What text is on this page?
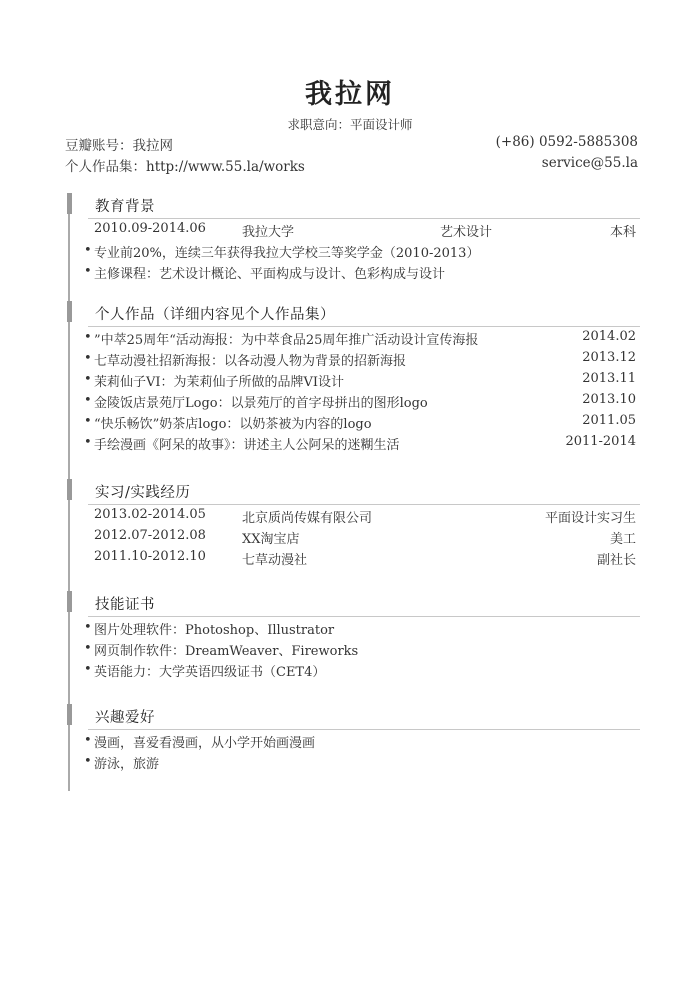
我拉网
求职意向：平面设计师
豆瓣账号：我拉网
个人作品集：http://www.55.la/works
(+86) 0592-5885308
service@55.la
教育背景
2010.09-2014.06	我拉大学	艺术设计	本科
• 专业前20%，连续三年获得我拉大学校三等奖学金（2010-2013）
• 主修课程：艺术设计概论、平面构成与设计、色彩构成与设计
个人作品（详细内容见个人作品集）
• ”中萃25周年“活动海报：为中萃食品25周年推广活动设计宣传海报	2014.02
• 七草动漫社招新海报：以各动漫人物为背景的招新海报	2013.12
• 茉莉仙子VI：为茉莉仙子所做的品牌VI设计	2013.11
• 金陵饭店景苑厅Logo：以景苑厅的首字母拼出的图形logo	2013.10
• “快乐畅饮”奶茶店logo：以奶茶被为内容的logo	2011.05
• 手绘漫画《阿呆的故事》：讲述主人公阿呆的迷糊生活	2011-2014
实习/实践经历
2013.02-2014.05	北京质尚传媒有限公司	平面设计实习生
2012.07-2012.08	XX淘宝店	美工
2011.10-2012.10	七草动漫社	副社长
技能证书
• 图片处理软件：Photoshop、Illustrator
• 网页制作软件：DreamWeaver、Fireworks
• 英语能力：大学英语四级证书（CET4）
兴趣爱好
• 漫画，喜爱看漫画，从小学开始画漫画
• 游泳，旅游
